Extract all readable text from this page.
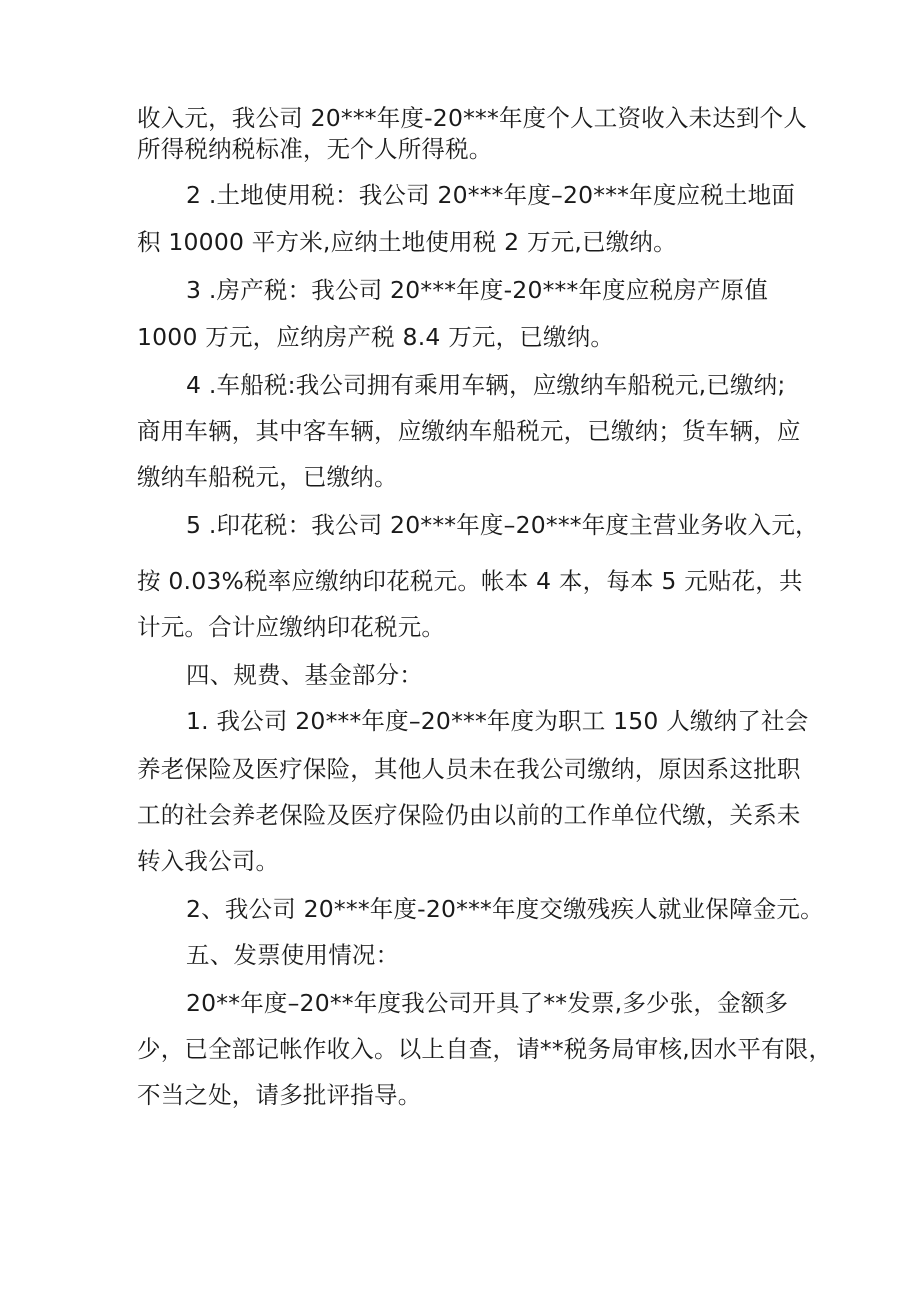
收入元，我公司 20***年度-20***年度个人工资收入未达到个人
所得税纳税标准，无个人所得税。
2 .土地使用税：我公司 20***年度–20***年度应税土地面
积 10000 平方米,应纳土地使用税 2 万元,已缴纳。
3 .房产税：我公司 20***年度-20***年度应税房产原值
1000 万元，应纳房产税 8.4 万元，已缴纳。
4 .车船税:我公司拥有乘用车辆，应缴纳车船税元,已缴纳;
商用车辆，其中客车辆，应缴纳车船税元，已缴纳；货车辆，应
缴纳车船税元，已缴纳。
5 .印花税：我公司 20***年度–20***年度主营业务收入元，
按 0.03%税率应缴纳印花税元。帐本 4 本，每本 5 元贴花，共
计元。合计应缴纳印花税元。
四、规费、基金部分：
1. 我公司 20***年度–20***年度为职工 150 人缴纳了社会
养老保险及医疗保险，其他人员未在我公司缴纳，原因系这批职
工的社会养老保险及医疗保险仍由以前的工作单位代缴，关系未
转入我公司。
2、我公司 20***年度-20***年度交缴残疾人就业保障金元。
五、发票使用情况：
20**年度–20**年度我公司开具了**发票,多少张，金额多
少，已全部记帐作收入。以上自查，请**税务局审核,因水平有限，
不当之处，请多批评指导。
